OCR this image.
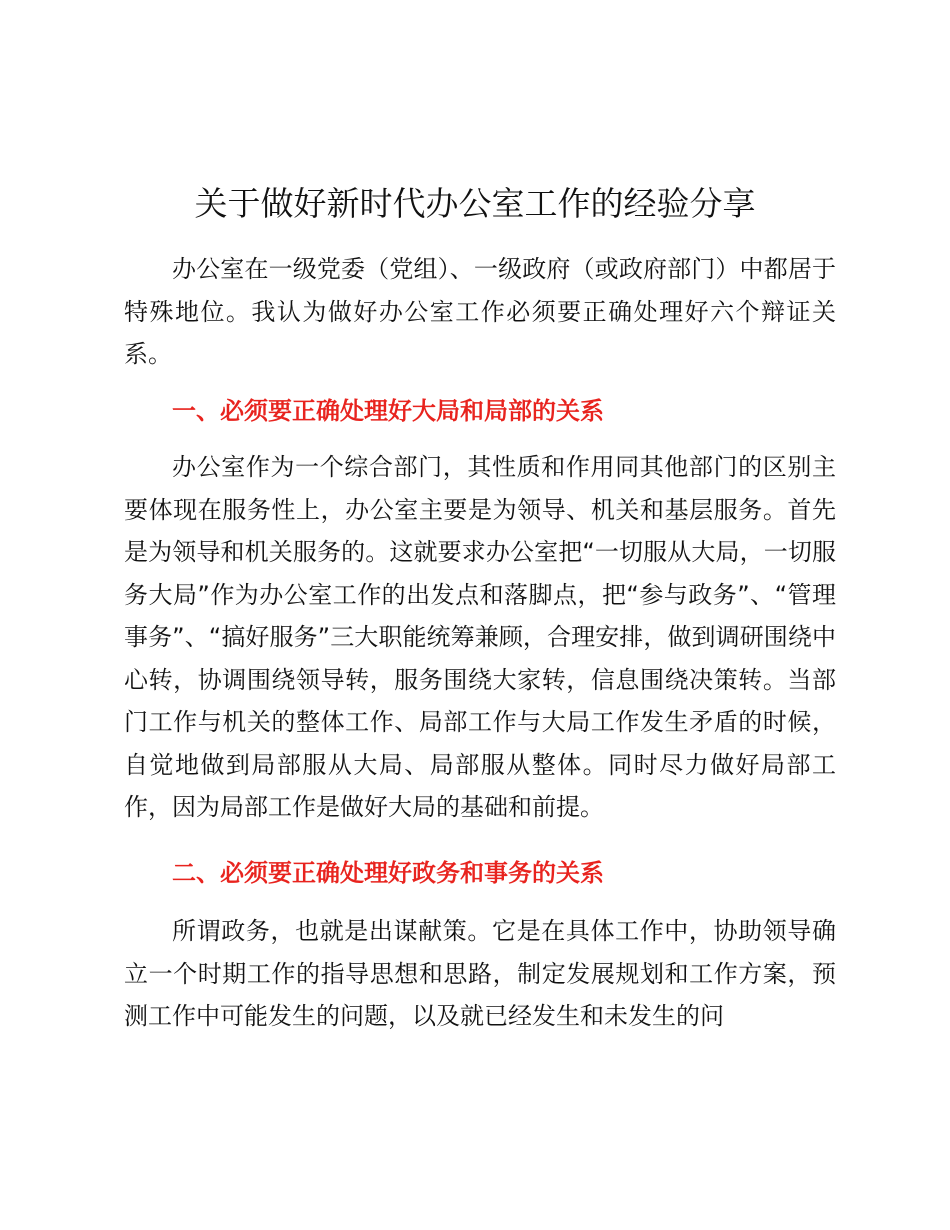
关于做好新时代办公室工作的经验分享

办公室在一级党委（党组）、一级政府（或政府部门）中都居于特殊地位。我认为做好办公室工作必须要正确处理好六个辩证关系。

一、必须要正确处理好大局和局部的关系

办公室作为一个综合部门，其性质和作用同其他部门的区别主要体现在服务性上，办公室主要是为领导、机关和基层服务。首先是为领导和机关服务的。这就要求办公室把“一切服从大局，一切服务大局”作为办公室工作的出发点和落脚点，把“参与政务”、“管理事务”、“搞好服务”三大职能统筹兼顾，合理安排，做到调研围绕中心转，协调围绕领导转，服务围绕大家转，信息围绕决策转。当部门工作与机关的整体工作、局部工作与大局工作发生矛盾的时候，自觉地做到局部服从大局、局部服从整体。同时尽力做好局部工作，因为局部工作是做好大局的基础和前提。

二、必须要正确处理好政务和事务的关系

所谓政务，也就是出谋献策。它是在具体工作中，协助领导确立一个时期工作的指导思想和思路，制定发展规划和工作方案，预测工作中可能发生的问题，以及就已经发生和未发生的问
